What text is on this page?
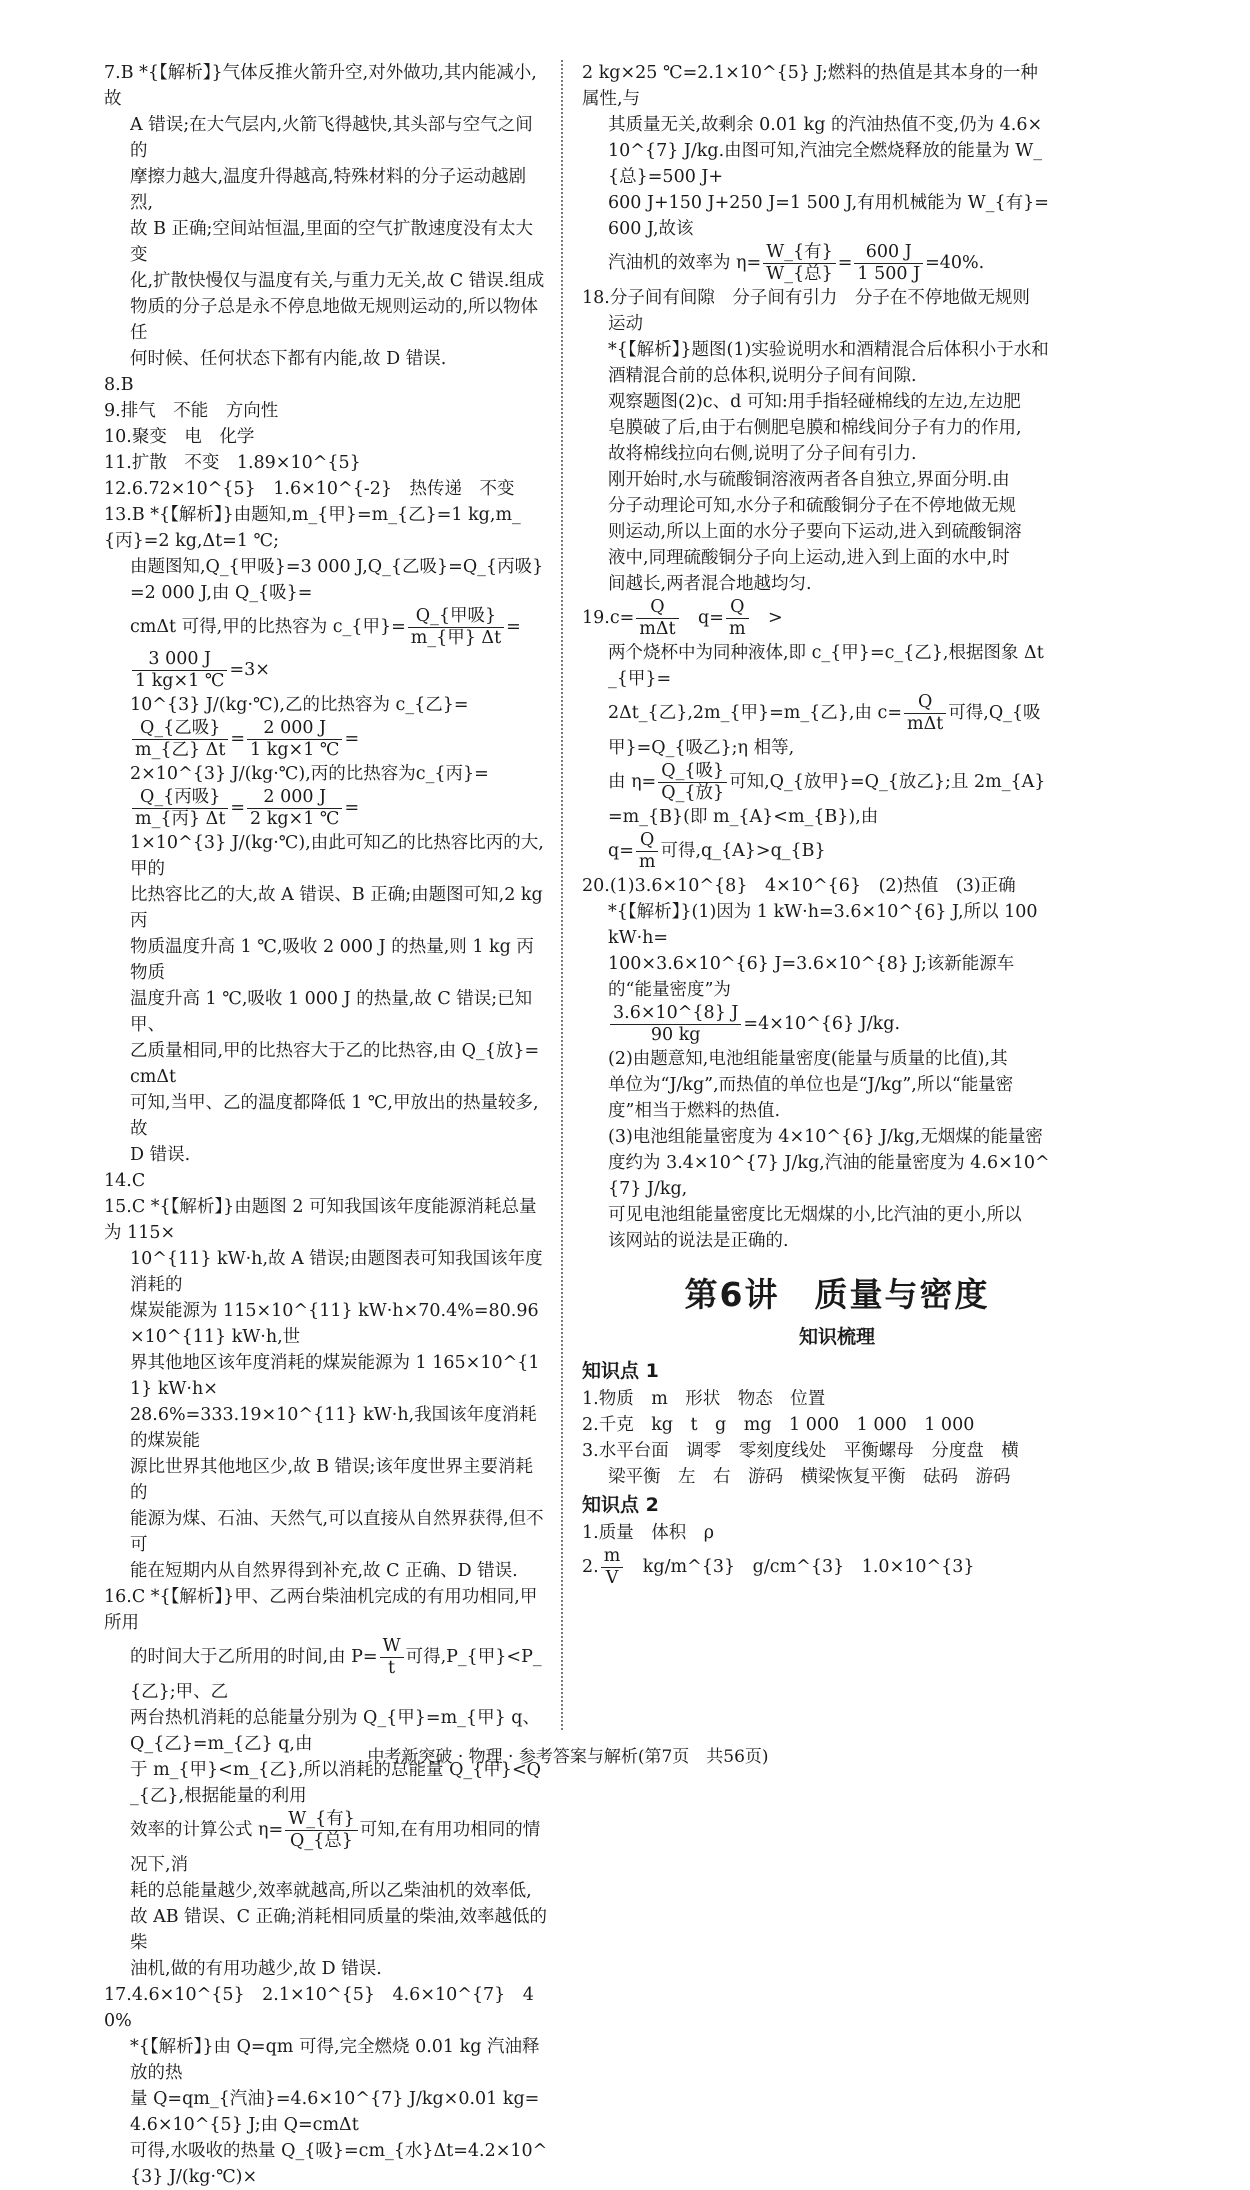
7.B *{【解析】}气体反推火箭升空,对外做功,其内能减小,故
A 错误;在大气层内,火箭飞得越快,其头部与空气之间的
摩擦力越大,温度升得越高,特殊材料的分子运动越剧烈,
故 B 正确;空间站恒温,里面的空气扩散速度没有太大变
化,扩散快慢仅与温度有关,与重力无关,故 C 错误.组成
物质的分子总是永不停息地做无规则运动的,所以物体任
何时候、任何状态下都有内能,故 D 错误.
8.B
9.排气　不能　方向性
10.聚变　电　化学
11.扩散　不变　1.89×10^{5}
12.6.72×10^{5}　1.6×10^{-2}　热传递　不变
13.B *{【解析】}由题知,m_{甲}=m_{乙}=1 kg,m_{丙}=2 kg,Δt=1 ℃;
由题图知,Q_{甲吸}=3 000 J,Q_{乙吸}=Q_{丙吸}=2 000 J,由 Q_{吸}=
cmΔt 可得,甲的比热容为 c_{甲}= $\frac{\text{Q\_\{甲吸\}}}{\text{m\_\{甲\} Δt}}$ =
$\frac{3 000 J}{1 kg\times 1 ℃} =3\times$
10^{3} J/(kg·℃),乙的比热容为 c_{乙}=
$\frac{\text{Q\_\{乙吸\}}}{\text{m\_\{乙\} Δt}} = \frac{2 000 J}{1 kg\times 1 ℃}$ =
2×10^{3} J/(kg·℃),丙的比热容为c_{丙}=
$\frac{\text{Q\_\{丙吸\}}}{\text{m\_\{丙\} Δt}} = \frac{2 000 J}{2 kg\times 1 ℃}$ =
1×10^{3} J/(kg·℃),由此可知乙的比热容比丙的大,甲的
比热容比乙的大,故 A 错误、B 正确;由题图可知,2 kg 丙
物质温度升高 1 ℃,吸收 2 000 J 的热量,则 1 kg 丙物质
温度升高 1 ℃,吸收 1 000 J 的热量,故 C 错误;已知甲、
乙质量相同,甲的比热容大于乙的比热容,由 Q_{放}=cmΔt
可知,当甲、乙的温度都降低 1 ℃,甲放出的热量较多,故
D 错误.
14.C
15.C *{【解析】}由题图 2 可知我国该年度能源消耗总量为 115×
10^{11} kW·h,故 A 错误;由题图表可知我国该年度消耗的
煤炭能源为 115×10^{11} kW·h×70.4%=80.96×10^{11} kW·h,世
界其他地区该年度消耗的煤炭能源为 1 165×10^{11} kW·h×
28.6%=333.19×10^{11} kW·h,我国该年度消耗的煤炭能
源比世界其他地区少,故 B 错误;该年度世界主要消耗的
能源为煤、石油、天然气,可以直接从自然界获得,但不可
能在短期内从自然界得到补充,故 C 正确、D 错误.
16.C *{【解析】}甲、乙两台柴油机完成的有用功相同,甲所用
的时间大于乙所用的时间,由 $P= \frac{W}{t}$ 可得,P_{甲}<P_{乙};甲、乙
两台热机消耗的总能量分别为 Q_{甲}=m_{甲} q、Q_{乙}=m_{乙} q,由
于 m_{甲}<m_{乙},所以消耗的总能量 Q_{甲}<Q_{乙},根据能量的利用
效率的计算公式 $\eta= \frac{\text{W\_\{有\}}}{\text{Q\_\{总\}}}$ 可知,在有用功相同的情况下,消
耗的总能量越少,效率就越高,所以乙柴油机的效率低,
故 AB 错误、C 正确;消耗相同质量的柴油,效率越低的柴
油机,做的有用功越少,故 D 错误.
17.4.6×10^{5}　2.1×10^{5}　4.6×10^{7}　40%
*{【解析】}由 Q=qm 可得,完全燃烧 0.01 kg 汽油释放的热
量 Q=qm_{汽油}=4.6×10^{7} J/kg×0.01 kg=4.6×10^{5} J;由 Q=cmΔt
可得,水吸收的热量 Q_{吸}=cm_{水}Δt=4.2×10^{3} J/(kg·℃)×
2 kg×25 ℃=2.1×10^{5} J;燃料的热值是其本身的一种属性,与
其质量无关,故剩余 0.01 kg 的汽油热值不变,仍为 4.6×
10^{7} J/kg.由图可知,汽油完全燃烧释放的能量为 W_{总}=500 J+
600 J+150 J+250 J=1 500 J,有用机械能为 W_{有}=600 J,故该
汽油机的效率为 $\eta= \frac{\text{W\_\{有\}}}{\text{W\_\{总\}}} = \frac{600 J}{1 500 J} =40\%$.
18.分子间有间隙　分子间有引力　分子在不停地做无规则
运动
*{【解析】}题图(1)实验说明水和酒精混合后体积小于水和
酒精混合前的总体积,说明分子间有间隙.
观察题图(2)c、d 可知:用手指轻碰棉线的左边,左边肥
皂膜破了后,由于右侧肥皂膜和棉线间分子有力的作用,
故将棉线拉向右侧,说明了分子间有引力.
刚开始时,水与硫酸铜溶液两者各自独立,界面分明.由
分子动理论可知,水分子和硫酸铜分子在不停地做无规
则运动,所以上面的水分子要向下运动,进入到硫酸铜溶
液中,同理硫酸铜分子向上运动,进入到上面的水中,时
间越长,两者混合地越均匀.
$19.c= \frac{Q}{\text{mΔt}}$ 　$q= \frac{Q}{m}$ 　>
两个烧杯中为同种液体,即 c_{甲}=c_{乙},根据图象 Δt_{甲}=
2Δt_{乙},2m_{甲}=m_{乙},由 $c= \frac{Q}{\text{mΔt}}$ 可得,Q_{吸甲}=Q_{吸乙};η 相等,
由 $\eta= \frac{\text{Q\_\{吸\}}}{\text{Q\_\{放\}}}$ 可知,Q_{放甲}=Q_{放乙};且 2m_{A}=m_{B}(即 m_{A}<m_{B}),由
$q= \frac{Q}{m}$ 可得,q_{A}>q_{B}
20.(1)3.6×10^{8}　4×10^{6}　(2)热值　(3)正确
*{【解析】}(1)因为 1 kW·h=3.6×10^{6} J,所以 100 kW·h=
100×3.6×10^{6} J=3.6×10^{8} J;该新能源车的“能量密度”为
$\frac{3.6\times 10\^{}\{8\} J}{90 kg}$ =4×10^{6} J/kg.
(2)由题意知,电池组能量密度(能量与质量的比值),其
单位为“J/kg”,而热值的单位也是“J/kg”,所以“能量密
度”相当于燃料的热值.
(3)电池组能量密度为 4×10^{6} J/kg,无烟煤的能量密
度约为 3.4×10^{7} J/kg,汽油的能量密度为 4.6×10^{7} J/kg,
可见电池组能量密度比无烟煤的小,比汽油的更小,所以
该网站的说法是正确的.
第6讲　质量与密度
知识梳理
知识点 1
1.物质　m　形状　物态　位置
2.千克　kg　t　g　mg　1 000　1 000　1 000
3.水平台面　调零　零刻度线处　平衡螺母　分度盘　横
梁平衡　左　右　游码　横梁恢复平衡　砝码　游码
知识点 2
1.质量　体积　ρ
2. $\frac{m}{V}$ 　kg/m^{3}　g/cm^{3}　1.0×10^{3}
中考新突破 · 物理 · 参考答案与解析(第7页　共56页)
